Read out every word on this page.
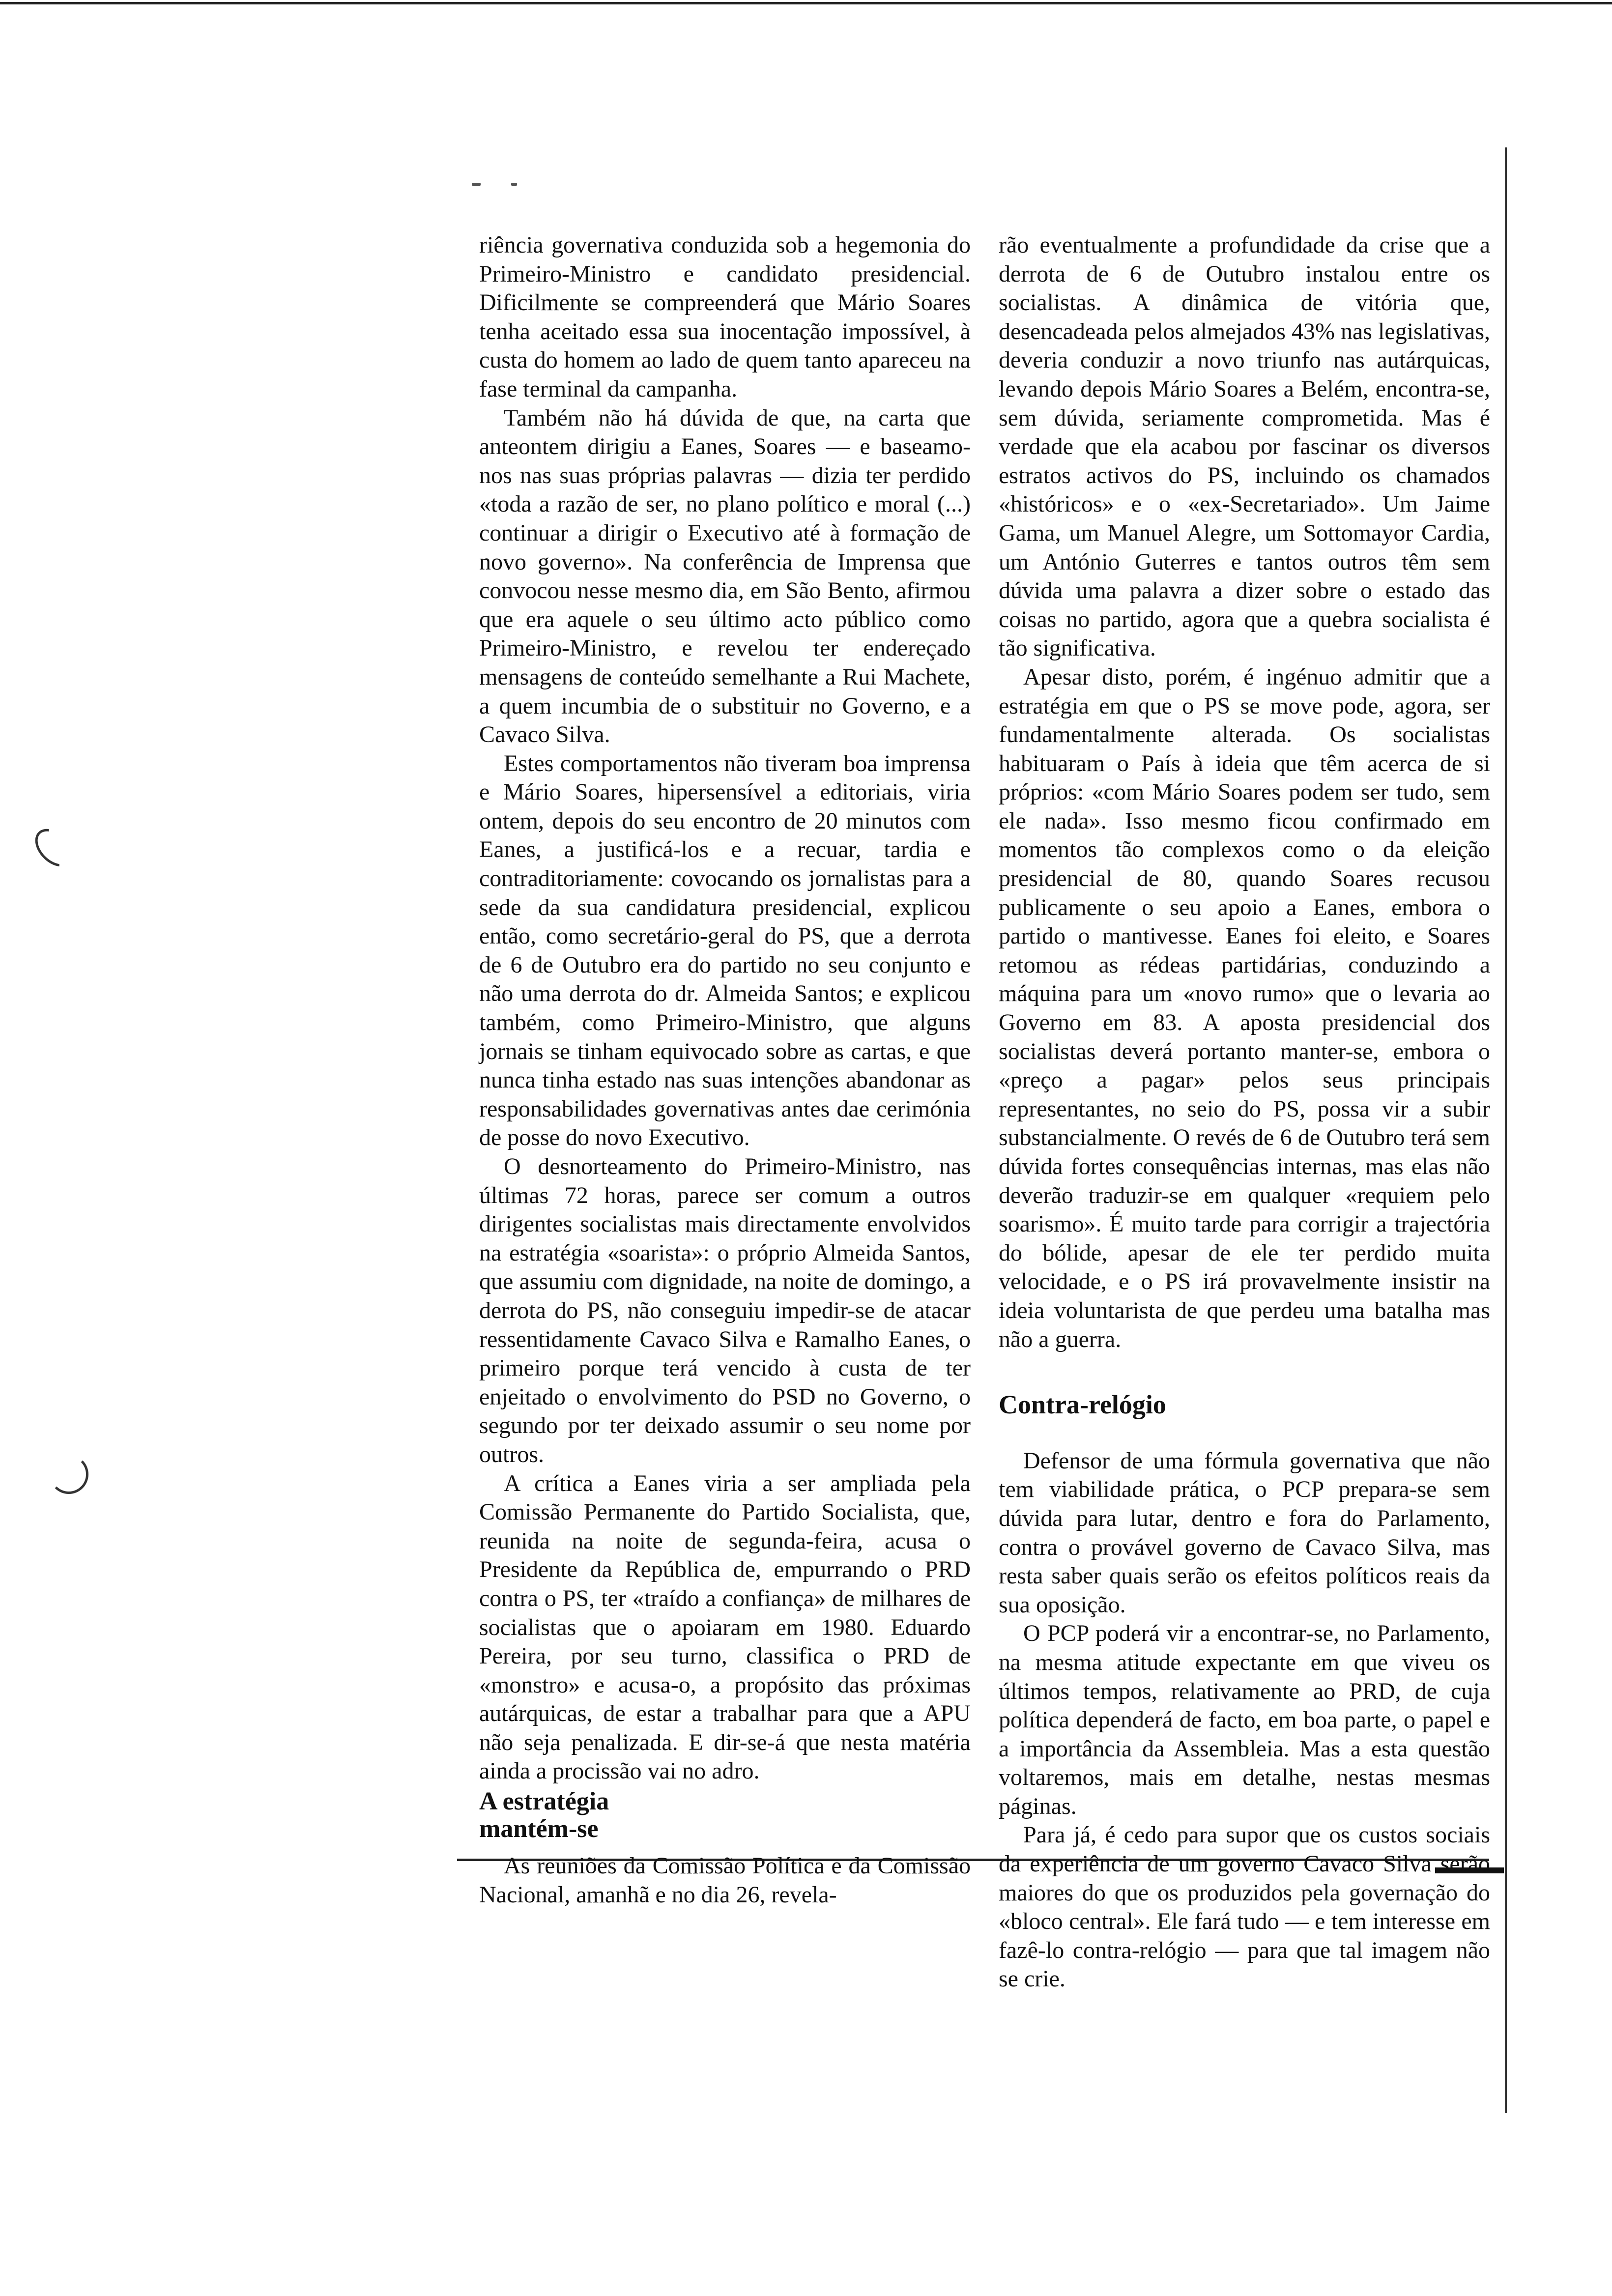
riência governativa conduzida sob a hegemonia do Primeiro-Ministro e candidato presidencial. Dificilmente se compreenderá que Mário Soares tenha aceitado essa sua inocentação impossível, à custa do homem ao lado de quem tanto apareceu na fase terminal da campanha.

Também não há dúvida de que, na carta que anteontem dirigiu a Eanes, Soares — e baseamo-nos nas suas próprias palavras — dizia ter perdido «toda a razão de ser, no plano político e moral (...) continuar a dirigir o Executivo até à formação de novo governo». Na conferência de Imprensa que convocou nesse mesmo dia, em São Bento, afirmou que era aquele o seu último acto público como Primeiro-Ministro, e revelou ter endereçado mensagens de conteúdo semelhante a Rui Machete, a quem incumbia de o substituir no Governo, e a Cavaco Silva.

Estes comportamentos não tiveram boa imprensa e Mário Soares, hipersensível a editoriais, viria ontem, depois do seu encontro de 20 minutos com Eanes, a justificá-los e a recuar, tardia e contraditoriamente: covocando os jornalistas para a sede da sua candidatura presidencial, explicou então, como secretário-geral do PS, que a derrota de 6 de Outubro era do partido no seu conjunto e não uma derrota do dr. Almeida Santos; e explicou também, como Primeiro-Ministro, que alguns jornais se tinham equivocado sobre as cartas, e que nunca tinha estado nas suas intenções abandonar as responsabilidades governativas antes dae cerimónia de posse do novo Executivo.

O desnorteamento do Primeiro-Ministro, nas últimas 72 horas, parece ser comum a outros dirigentes socialistas mais directamente envolvidos na estratégia «soarista»: o próprio Almeida Santos, que assumiu com dignidade, na noite de domingo, a derrota do PS, não conseguiu impedir-se de atacar ressentidamente Cavaco Silva e Ramalho Eanes, o primeiro porque terá vencido à custa de ter enjeitado o envolvimento do PSD no Governo, o segundo por ter deixado assumir o seu nome por outros.

A crítica a Eanes viria a ser ampliada pela Comissão Permanente do Partido Socialista, que, reunida na noite de segunda-feira, acusa o Presidente da República de, empurrando o PRD contra o PS, ter «traído a confiança» de milhares de socialistas que o apoiaram em 1980. Eduardo Pereira, por seu turno, classifica o PRD de «monstro» e acusa-o, a propósito das próximas autárquicas, de estar a trabalhar para que a APU não seja penalizada. E dir-se-á que nesta matéria ainda a procissão vai no adro.

A estratégia
mantém-se

As reuniões da Comissão Política e da Comissão Nacional, amanhã e no dia 26, revela-

rão eventualmente a profundidade da crise que a derrota de 6 de Outubro instalou entre os socialistas. A dinâmica de vitória que, desencadeada pelos almejados 43% nas legislativas, deveria conduzir a novo triunfo nas autárquicas, levando depois Mário Soares a Belém, encontra-se, sem dúvida, seriamente comprometida. Mas é verdade que ela acabou por fascinar os diversos estratos activos do PS, incluindo os chamados «históricos» e o «ex-Secretariado». Um Jaime Gama, um Manuel Alegre, um Sottomayor Cardia, um António Guterres e tantos outros têm sem dúvida uma palavra a dizer sobre o estado das coisas no partido, agora que a quebra socialista é tão significativa.

Apesar disto, porém, é ingénuo admitir que a estratégia em que o PS se move pode, agora, ser fundamentalmente alterada. Os socialistas habituaram o País à ideia que têm acerca de si próprios: «com Mário Soares podem ser tudo, sem ele nada». Isso mesmo ficou confirmado em momentos tão complexos como o da eleição presidencial de 80, quando Soares recusou publicamente o seu apoio a Eanes, embora o partido o mantivesse. Eanes foi eleito, e Soares retomou as rédeas partidárias, conduzindo a máquina para um «novo rumo» que o levaria ao Governo em 83. A aposta presidencial dos socialistas deverá portanto manter-se, embora o «preço a pagar» pelos seus principais representantes, no seio do PS, possa vir a subir substancialmente. O revés de 6 de Outubro terá sem dúvida fortes consequências internas, mas elas não deverão traduzir-se em qualquer «requiem pelo soarismo». É muito tarde para corrigir a trajectória do bólide, apesar de ele ter perdido muita velocidade, e o PS irá provavelmente insistir na ideia voluntarista de que perdeu uma batalha mas não a guerra.

Contra-relógio

Defensor de uma fórmula governativa que não tem viabilidade prática, o PCP prepara-se sem dúvida para lutar, dentro e fora do Parlamento, contra o provável governo de Cavaco Silva, mas resta saber quais serão os efeitos políticos reais da sua oposição.

O PCP poderá vir a encontrar-se, no Parlamento, na mesma atitude expectante em que viveu os últimos tempos, relativamente ao PRD, de cuja política dependerá de facto, em boa parte, o papel e a importância da Assembleia. Mas a esta questão voltaremos, mais em detalhe, nestas mesmas páginas.

Para já, é cedo para supor que os custos sociais da experiência de um governo Cavaco Silva serão maiores do que os produzidos pela governação do «bloco central». Ele fará tudo — e tem interesse em fazê-lo contra-relógio — para que tal imagem não se crie.
